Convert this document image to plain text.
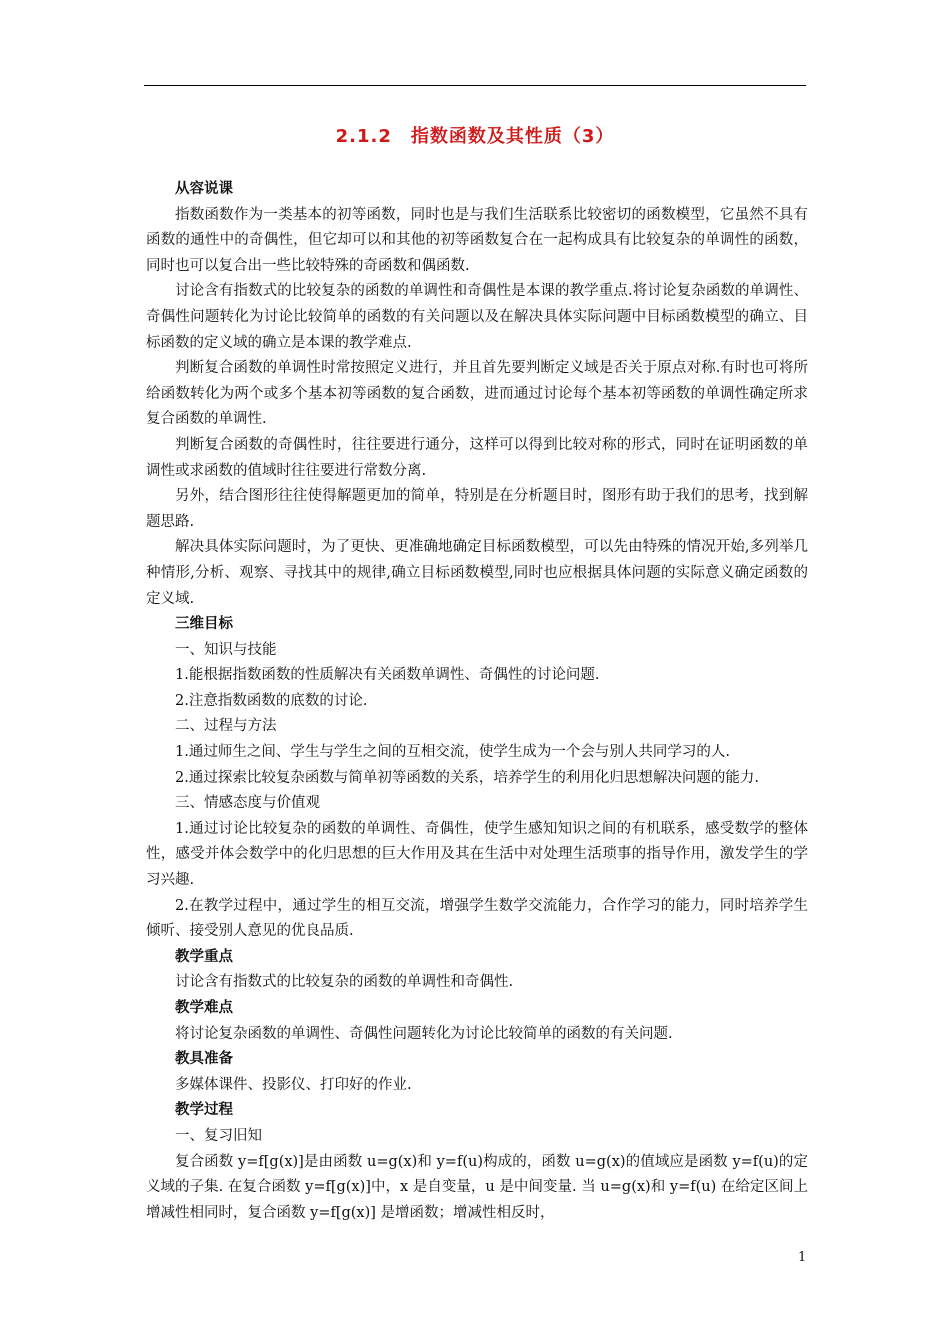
2.1.2　指数函数及其性质（3）
从容说课

指数函数作为一类基本的初等函数，同时也是与我们生活联系比较密切的函数模型，它虽然不具有函数的通性中的奇偶性，但它却可以和其他的初等函数复合在一起构成具有比较复杂的单调性的函数，同时也可以复合出一些比较特殊的奇函数和偶函数.

讨论含有指数式的比较复杂的函数的单调性和奇偶性是本课的教学重点.将讨论复杂函数的单调性、奇偶性问题转化为讨论比较简单的函数的有关问题以及在解决具体实际问题中目标函数模型的确立、目标函数的定义域的确立是本课的教学难点.

判断复合函数的单调性时常按照定义进行，并且首先要判断定义域是否关于原点对称.有时也可将所给函数转化为两个或多个基本初等函数的复合函数，进而通过讨论每个基本初等函数的单调性确定所求复合函数的单调性.

判断复合函数的奇偶性时，往往要进行通分，这样可以得到比较对称的形式，同时在证明函数的单调性或求函数的值域时往往要进行常数分离.

另外，结合图形往往使得解题更加的简单，特别是在分析题目时，图形有助于我们的思考，找到解题思路.

解决具体实际问题时，为了更快、更准确地确定目标函数模型，可以先由特殊的情况开始,多列举几种情形,分析、观察、寻找其中的规律,确立目标函数模型,同时也应根据具体问题的实际意义确定函数的定义域.

三维目标

一、知识与技能

1.能根据指数函数的性质解决有关函数单调性、奇偶性的讨论问题.

2.注意指数函数的底数的讨论.

二、过程与方法

1.通过师生之间、学生与学生之间的互相交流，使学生成为一个会与别人共同学习的人.

2.通过探索比较复杂函数与简单初等函数的关系，培养学生的利用化归思想解决问题的能力.

三、情感态度与价值观

1.通过讨论比较复杂的函数的单调性、奇偶性，使学生感知知识之间的有机联系，感受数学的整体性，感受并体会数学中的化归思想的巨大作用及其在生活中对处理生活琐事的指导作用，激发学生的学习兴趣.

2.在教学过程中，通过学生的相互交流，增强学生数学交流能力，合作学习的能力，同时培养学生倾听、接受别人意见的优良品质.

教学重点

讨论含有指数式的比较复杂的函数的单调性和奇偶性.

教学难点

将讨论复杂函数的单调性、奇偶性问题转化为讨论比较简单的函数的有关问题.

教具准备

多媒体课件、投影仪、打印好的作业.

教学过程

一、复习旧知

复合函数 y=f[g(x)]是由函数 u=g(x)和 y=f(u)构成的，函数 u=g(x)的值域应是函数 y=f(u)的定义域的子集. 在复合函数 y=f[g(x)]中，x 是自变量，u 是中间变量. 当 u=g(x)和 y=f(u) 在给定区间上增减性相同时，复合函数 y=f[g(x)] 是增函数；增减性相反时，

1
